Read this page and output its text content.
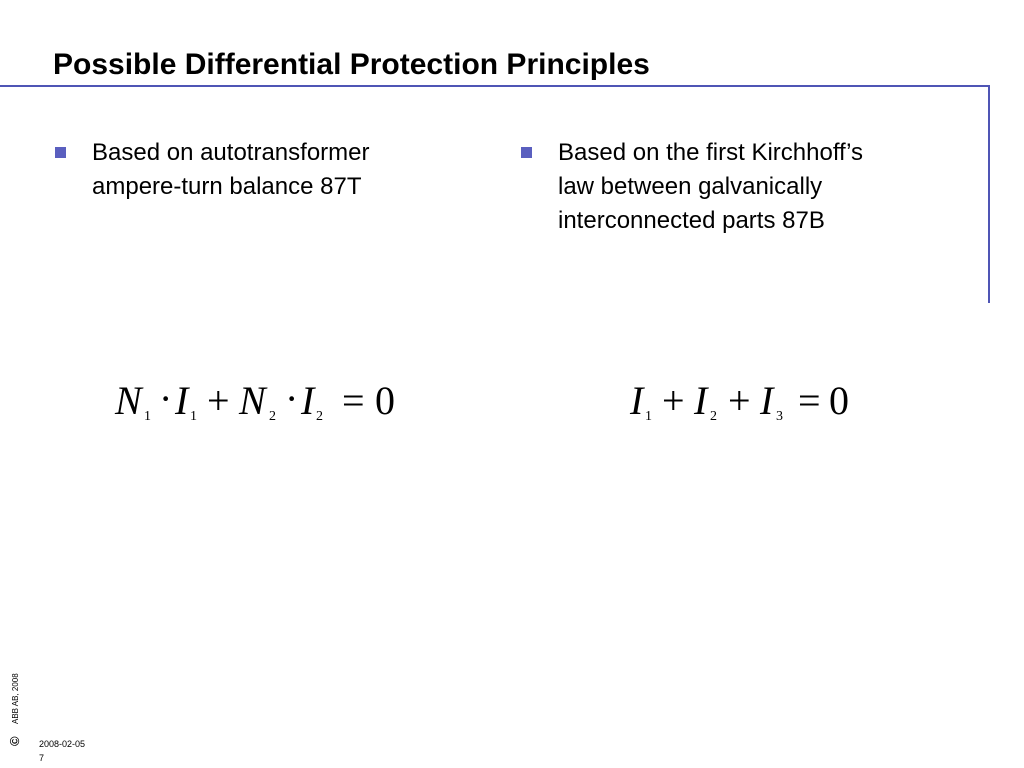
Possible Differential Protection Principles
Based on autotransformer
ampere-turn balance 87T
Based on the first Kirchhoff’s
law between galvanically
interconnected parts 87B
N 1 · I 1 + N 2 · I 2 = 0	I 1 + I 2 + I 3 = 0
©
ABB AB, 2008
2008-02-05
7
